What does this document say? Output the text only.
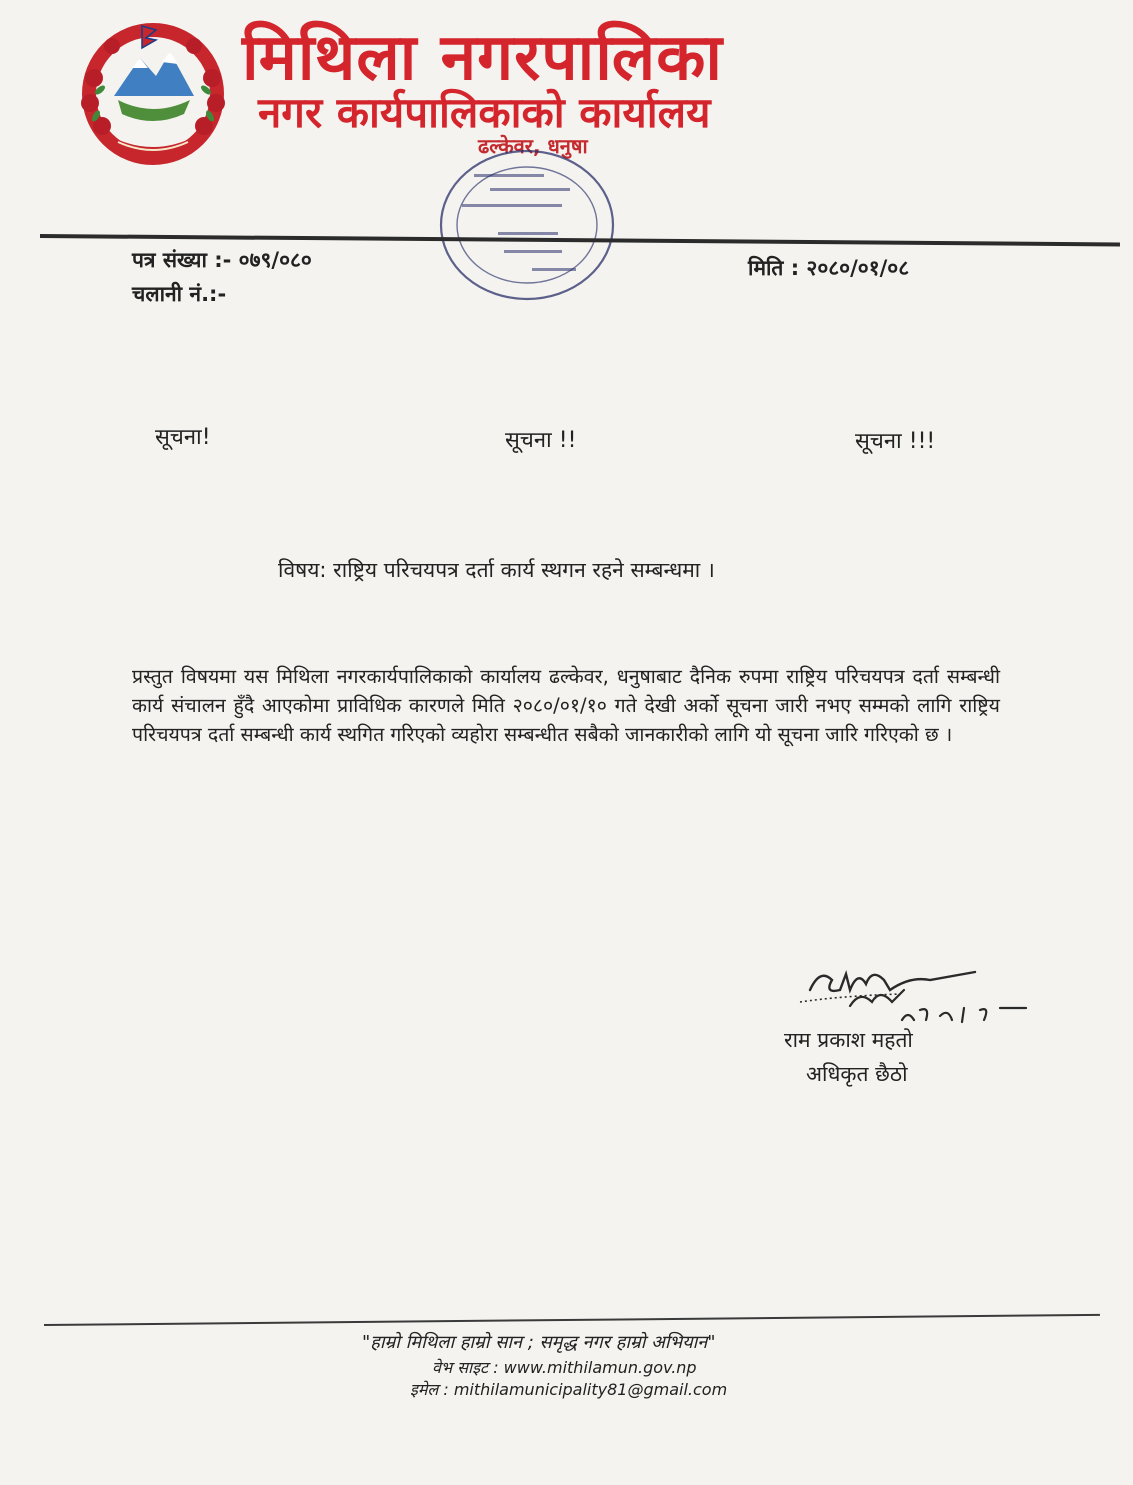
मिथिला नगरपालिका
नगर कार्यपालिकाको कार्यालय
ढल्केवर, धनुषा
पत्र संख्या :- ०७९/०८०
चलानी नं.:-
मिति : २०८०/०१/०८
सूचना!	सूचना !!	सूचना !!!
विषय: राष्ट्रिय परिचयपत्र दर्ता कार्य स्थगन रहने सम्बन्धमा ।

प्रस्तुत विषयमा यस मिथिला नगरकार्यपालिकाको कार्यालय ढल्केवर, धनुषाबाट दैनिक रुपमा राष्ट्रिय परिचयपत्र दर्ता सम्बन्धी कार्य संचालन हुँदै आएकोमा प्राविधिक कारणले मिति २०८०/०१/१० गते देखी अर्को सूचना जारी नभए सम्मको लागि राष्ट्रिय परिचयपत्र दर्ता सम्बन्धी कार्य स्थगित गरिएको व्यहोरा सम्बन्धीत सबैको जानकारीको लागि यो सूचना जारि गरिएको छ ।

राम प्रकाश महतो
अधिकृत छैठो
"हाम्रो मिथिला हाम्रो सान ; समृद्ध नगर हाम्रो अभियान"
वेभ साइट : www.mithilamun.gov.np
इमेल : mithilamunicipality81@gmail.com
